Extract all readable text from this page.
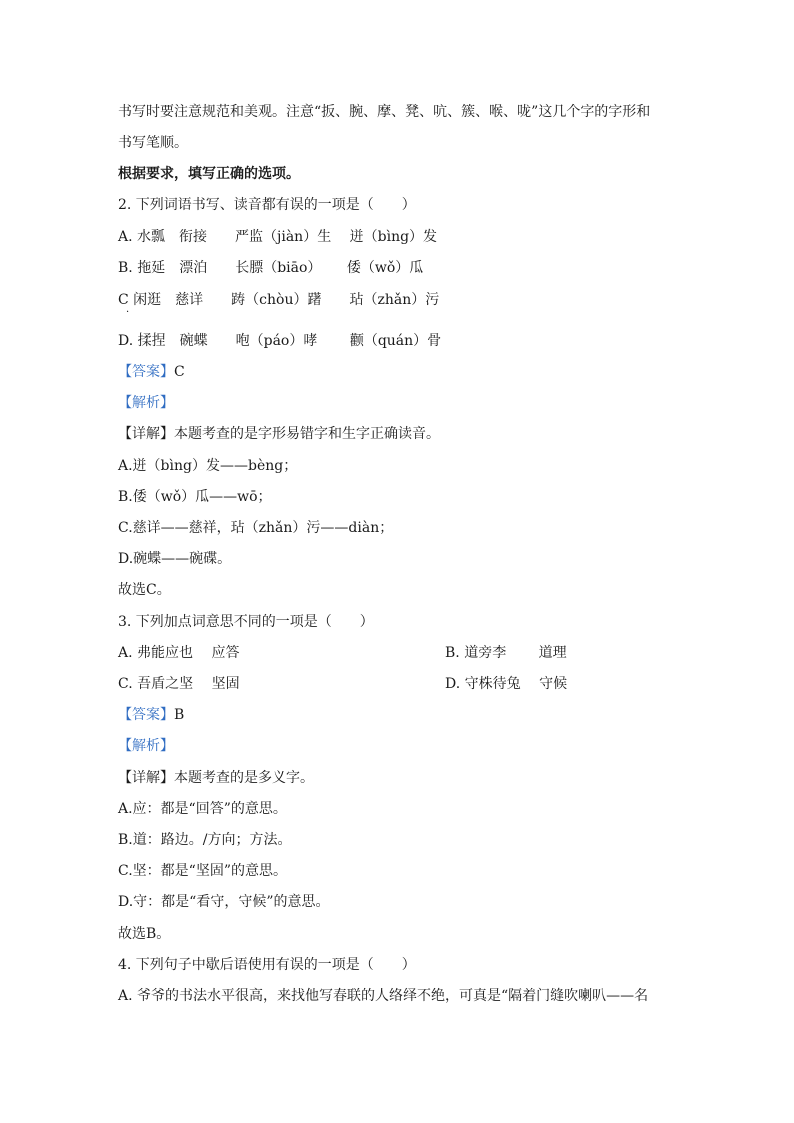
书写时要注意规范和美观。注意“扳、腕、摩、凳、吭、簇、喉、咙”这几个字的字形和
书写笔顺。
根据要求，填写正确的选项。
2. 下列词语书写、读音都有误的一项是（　　）
A. 水瓢　衔接　　严监（jiàn）生　 迸（bìng）发
B. 拖延　漂泊　　长膘（biāo）　　 倭（wǒ）瓜
C 闲逛　慈详　　踌（chòu）躇　　玷（zhǎn）污
·
D. 揉捏　碗蝶　　咆（páo）哮　　 颧（quán）骨
【答案】C
【解析】
【详解】本题考查的是字形易错字和生字正确读音。
A.迸（bìng）发——bèng；
B.倭（wǒ）瓜——wō；
C.慈详——慈祥，玷（zhǎn）污——diàn；
D.碗蝶——碗碟。
故选C。
3. 下列加点词意思不同的一项是（　　）
A. 弗能应也　 应答	B. 道旁李　　 道理
C. 吾盾之坚　 坚固	D. 守株待兔　 守候
【答案】B
【解析】
【详解】本题考查的是多义字。
A.应：都是“回答”的意思。
B.道：路边。/方向；方法。
C.坚：都是“坚固”的意思。
D.守：都是“看守，守候”的意思。
故选B。
4. 下列句子中歇后语使用有误的一项是（　　）
A. 爷爷的书法水平很高，来找他写春联的人络绎不绝，可真是“隔着门缝吹喇叭——名
